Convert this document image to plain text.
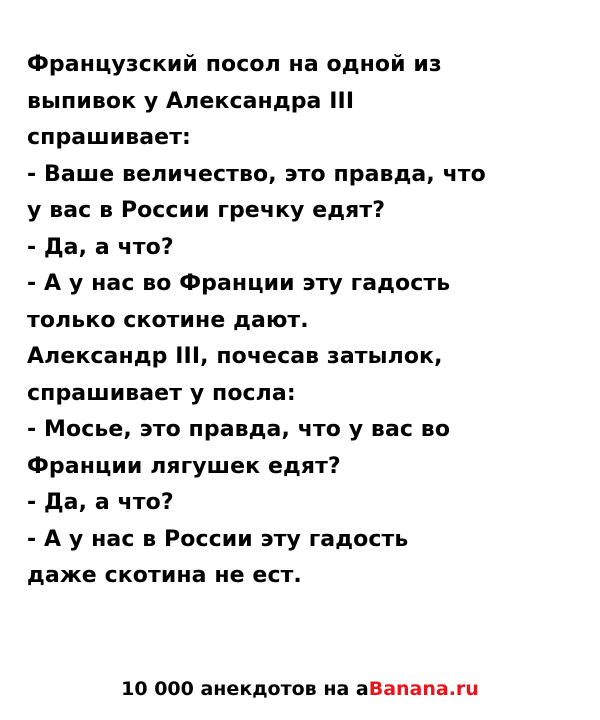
Французский посол на одной из
выпивок у Александра III
спрашивает:
- Ваше величество, это правда, что
у вас в России гречку едят?
- Да, а что?
- А у нас во Франции эту гадость
только скотине дают.
Александр III, почесав затылок,
спрашивает у посла:
- Мосье, это правда, что у вас во
Франции лягушек едят?
- Да, а что?
- А у нас в России эту гадость
даже скотина не ест.
10 000 анекдотов на aBanana.ru
